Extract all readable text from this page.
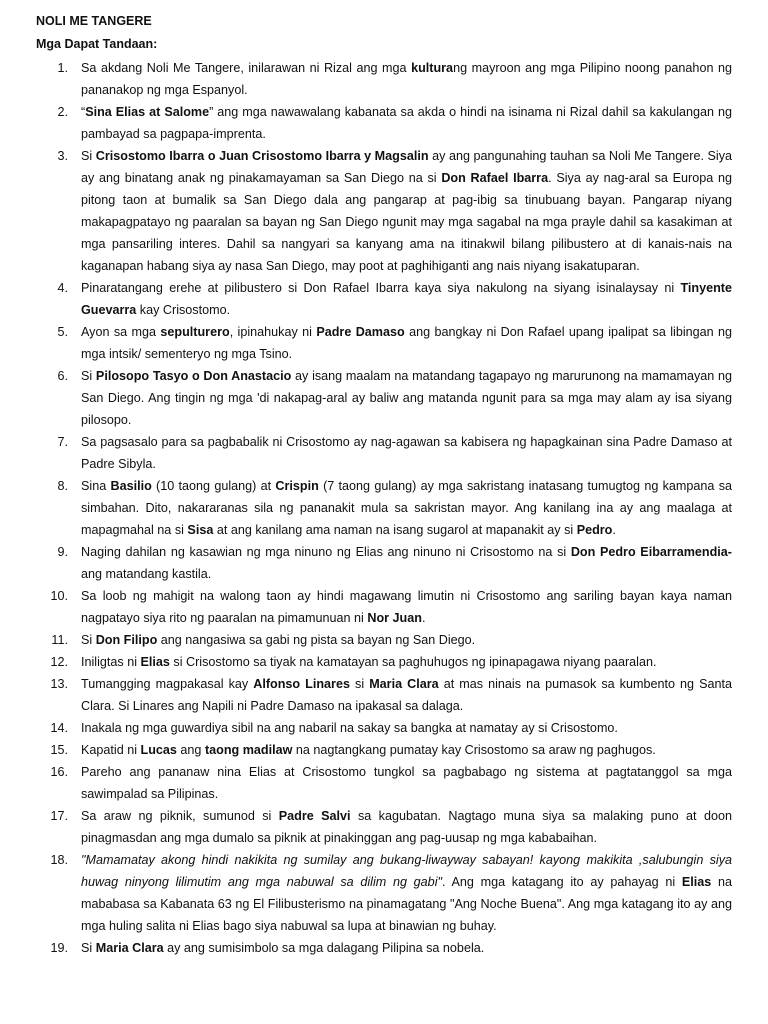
NOLI ME TANGERE
Mga Dapat Tandaan:
1. Sa akdang Noli Me Tangere, inilarawan ni Rizal ang mga kulturang mayroon ang mga Pilipino noong panahon ng pananakop ng mga Espanyol.
2. “Sina Elias at Salome” ang mga nawawalang kabanata sa akda o hindi na isinama ni Rizal dahil sa kakulangan ng pambayad sa pagpapa-imprenta.
3. Si Crisostomo Ibarra o Juan Crisostomo Ibarra y Magsalin ay ang pangunahing tauhan sa Noli Me Tangere. Siya ay ang binatang anak ng pinakamayaman sa San Diego na si Don Rafael Ibarra. Siya ay nag-aral sa Europa ng pitong taon at bumalik sa San Diego dala ang pangarap at pag-ibig sa tinubuang bayan. Pangarap niyang makapagpatayo ng paaralan sa bayan ng San Diego ngunit may mga sagabal na mga prayle dahil sa kasakiman at mga pansariling interes. Dahil sa nangyari sa kanyang ama na itinakwil bilang pilibustero at di kanais-nais na kaganapan habang siya ay nasa San Diego, may poot at paghihiganti ang nais niyang isakatuparan.
4. Pinaratangang erehe at pilibustero si Don Rafael Ibarra kaya siya nakulong na siyang isinalaysay ni Tinyente Guevarra kay Crisostomo.
5. Ayon sa mga sepulturero, ipinahukay ni Padre Damaso ang bangkay ni Don Rafael upang ipalipat sa libingan ng mga intsik/ sementeryo ng mga Tsino.
6. Si Pilosopo Tasyo o Don Anastacio ay isang maalam na matandang tagapayo ng marurunong na mamamayan ng San Diego. Ang tingin ng mga 'di nakapag-aral ay baliw ang matanda ngunit para sa mga may alam ay isa siyang pilosopo.
7. Sa pagsasalo para sa pagbabalik ni Crisostomo ay nag-agawan sa kabisera ng hapagkainan sina Padre Damaso at Padre Sibyla.
8. Sina Basilio (10 taong gulang) at Crispin (7 taong gulang) ay mga sakristang inatasang tumugtog ng kampana sa simbahan. Dito, nakararanas sila ng pananakit mula sa sakristan mayor. Ang kanilang ina ay ang maalaga at mapagmahal na si Sisa at ang kanilang ama naman na isang sugarol at mapanakit ay si Pedro.
9. Naging dahilan ng kasawian ng mga ninuno ng Elias ang ninuno ni Crisostomo na si Don Pedro Eibarramendia- ang matandang kastila.
10. Sa loob ng mahigit na walong taon ay hindi magawang limutin ni Crisostomo ang sariling bayan kaya naman nagpatayo siya rito ng paaralan na pimamunuan ni Nor Juan.
11. Si Don Filipo ang nangasiwa sa gabi ng pista sa bayan ng San Diego.
12. Iniligtas ni Elias si Crisostomo sa tiyak na kamatayan sa paghuhugos ng ipinapagawa niyang paaralan.
13. Tumangging magpakasal kay Alfonso Linares si Maria Clara at mas ninais na pumasok sa kumbento ng Santa Clara. Si Linares ang Napili ni Padre Damaso na ipakasal sa dalaga.
14. Inakala ng mga guwardiya sibil na ang nabaril na sakay sa bangka at namatay ay si Crisostomo.
15. Kapatid ni Lucas ang taong madilaw na nagtangkang pumatay kay Crisostomo sa araw ng paghugos.
16. Pareho ang pananaw nina Elias at Crisostomo tungkol sa pagbabago ng sistema at pagtatanggol sa mga sawimpalad sa Pilipinas.
17. Sa araw ng piknik, sumunod si Padre Salvi sa kagubatan. Nagtago muna siya sa malaking puno at doon pinagmasdan ang mga dumalo sa piknik at pinakinggan ang pag-uusap ng mga kababaihan.
18. "Mamamatay akong hindi nakikita ng sumilay ang bukang-liwayway sabayan! kayong makikita ,salubungin siya huwag ninyong lilimutim ang mga nabuwal sa dilim ng gabi". Ang mga katagang ito ay pahayag ni Elias na mababasa sa Kabanata 63 ng El Filibusterismo na pinamagatang "Ang Noche Buena". Ang mga katagang ito ay ang mga huling salita ni Elias bago siya nabuwal sa lupa at binawian ng buhay.
19. Si Maria Clara ay ang sumisimbolo sa mga dalagang Pilipina sa nobela.
